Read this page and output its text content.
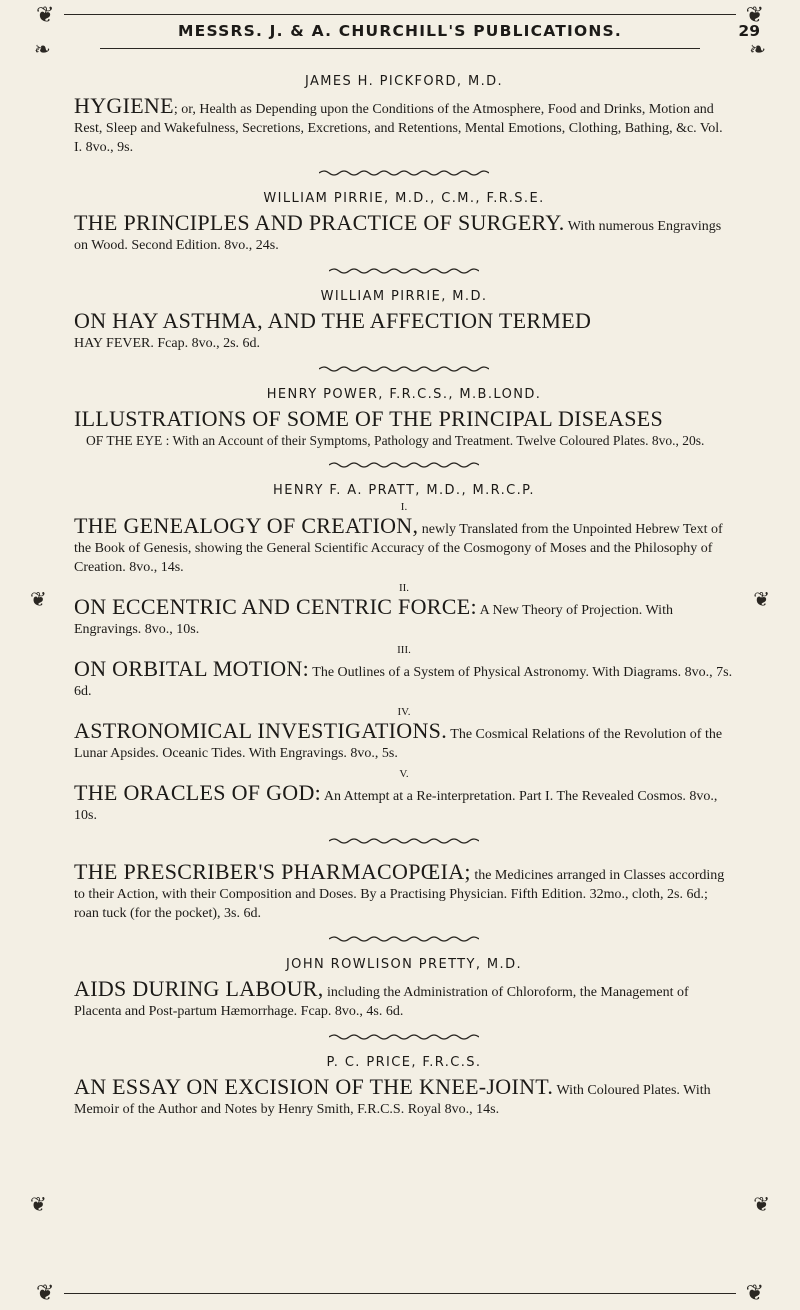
❦	❦
MESSRS. J. & A. CHURCHILL'S PUBLICATIONS.	29
❧	❧
❦	❦
❦	❦
JAMES H. PICKFORD, M.D.

HYGIENE; or, Health as Depending upon the Conditions of the Atmosphere, Food and Drinks, Motion and Rest, Sleep and Wakefulness, Secretions, Excretions, and Retentions, Mental Emotions, Clothing, Bathing, &c. Vol. I. 8vo., 9s.

WILLIAM PIRRIE, M.D., C.M., F.R.S.E.

THE PRINCIPLES AND PRACTICE OF SURGERY. With numerous Engravings on Wood. Second Edition. 8vo., 24s.

WILLIAM PIRRIE, M.D.

ON HAY ASTHMA, AND THE AFFECTION TERMED

HAY FEVER. Fcap. 8vo., 2s. 6d.

HENRY POWER, F.R.C.S., M.B.LOND.

ILLUSTRATIONS OF SOME OF THE PRINCIPAL DISEASES

OF THE EYE : With an Account of their Symptoms, Pathology and Treatment. Twelve Coloured Plates. 8vo., 20s.

HENRY F. A. PRATT, M.D., M.R.C.P.

I.

THE GENEALOGY OF CREATION, newly Translated from the Unpointed Hebrew Text of the Book of Genesis, showing the General Scientific Accuracy of the Cosmogony of Moses and the Philosophy of Creation. 8vo., 14s.

II.

ON ECCENTRIC AND CENTRIC FORCE: A New Theory of Projection. With Engravings. 8vo., 10s.

III.

ON ORBITAL MOTION: The Outlines of a System of Physical Astronomy. With Diagrams. 8vo., 7s. 6d.

IV.

ASTRONOMICAL INVESTIGATIONS. The Cosmical Relations of the Revolution of the Lunar Apsides. Oceanic Tides. With Engravings. 8vo., 5s.

V.

THE ORACLES OF GOD: An Attempt at a Re-interpretation. Part I. The Revealed Cosmos. 8vo., 10s.

THE PRESCRIBER'S PHARMACOPŒIA; the Medicines arranged in Classes according to their Action, with their Composition and Doses. By a Practising Physician. Fifth Edition. 32mo., cloth, 2s. 6d.; roan tuck (for the pocket), 3s. 6d.

JOHN ROWLISON PRETTY, M.D.

AIDS DURING LABOUR, including the Administration of Chloroform, the Management of Placenta and Post-partum Hæmorrhage. Fcap. 8vo., 4s. 6d.

P. C. PRICE, F.R.C.S.

AN ESSAY ON EXCISION OF THE KNEE-JOINT. With Coloured Plates. With Memoir of the Author and Notes by Henry Smith, F.R.C.S. Royal 8vo., 14s.

❦	❦
